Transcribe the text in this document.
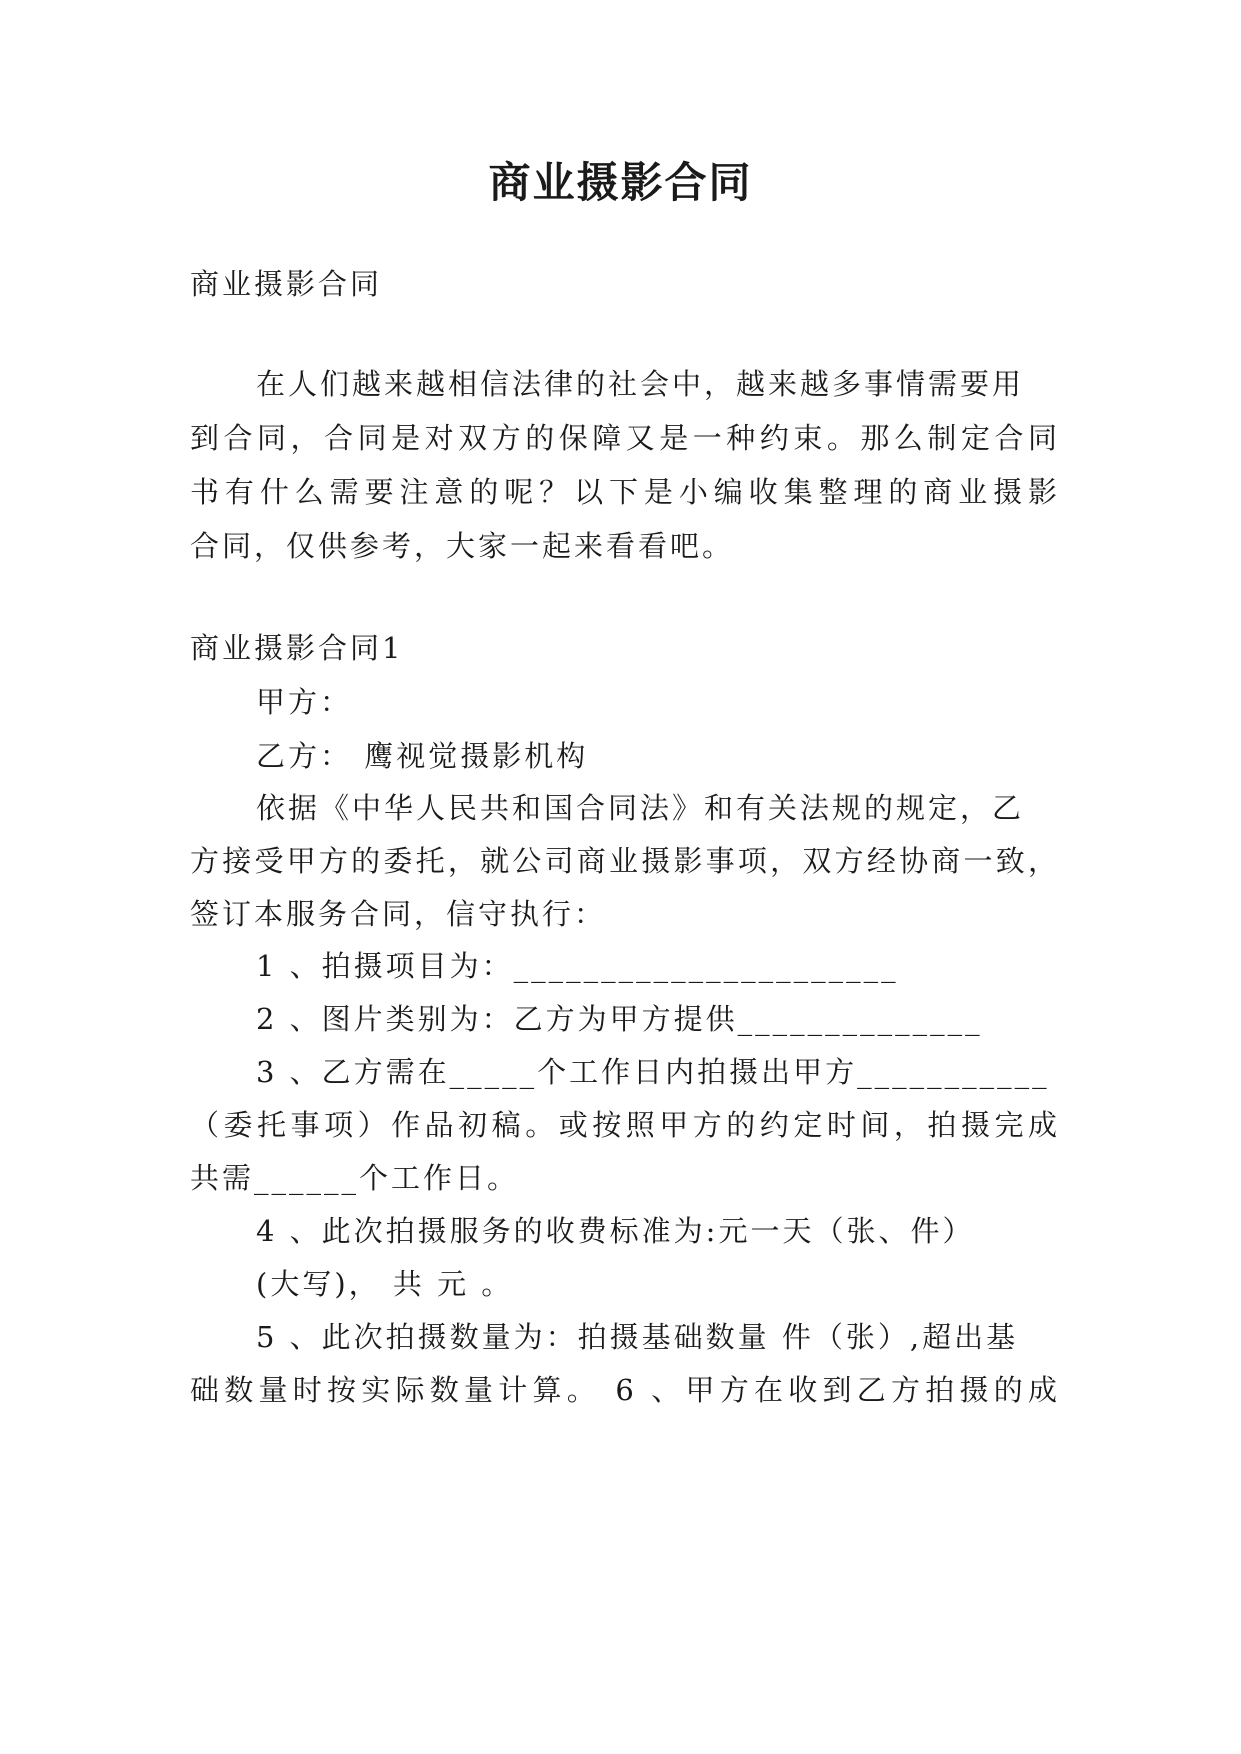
商业摄影合同
商业摄影合同
在人们越来越相信法律的社会中，越来越多事情需要用
到合同，合同是对双方的保障又是一种约束。那么制定合同
书有什么需要注意的呢？以下是小编收集整理的商业摄影
合同，仅供参考，大家一起来看看吧。
商业摄影合同1
甲方：
乙方： 鹰视觉摄影机构
依据《中华人民共和国合同法》和有关法规的规定，乙
方接受甲方的委托，就公司商业摄影事项，双方经协商一致，
签订本服务合同，信守执行：
1 、拍摄项目为：______________________
2 、图片类别为：乙方为甲方提供______________
3 、乙方需在_____个工作日内拍摄出甲方___________
（委托事项）作品初稿。或按照甲方的约定时间，拍摄完成
共需______个工作日。
4 、此次拍摄服务的收费标准为:元一天（张、件）
(大写)， 共 元 。
5 、此次拍摄数量为：拍摄基础数量 件（张）,超出基
础数量时按实际数量计算。 6 、甲方在收到乙方拍摄的成
